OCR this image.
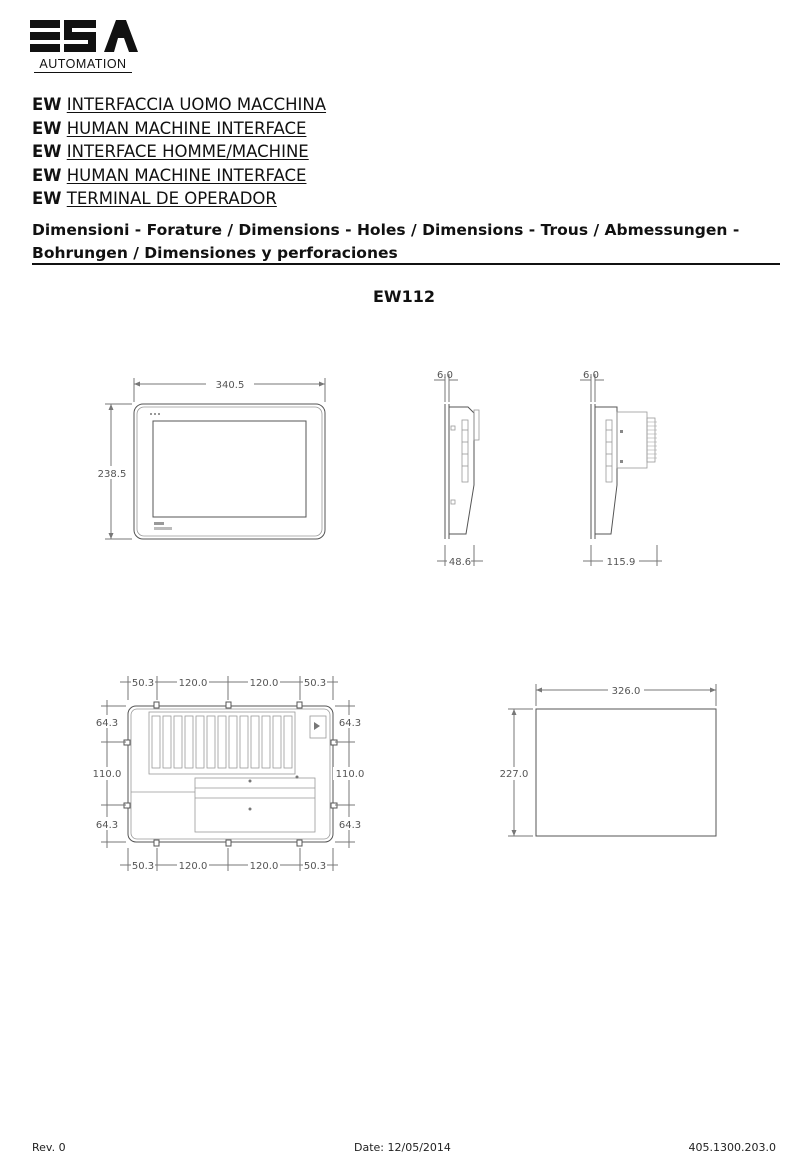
AUTOMATION
EW INTERFACCIA UOMO MACCHINA
EW HUMAN MACHINE INTERFACE
EW INTERFACE HOMME/MACHINE
EW HUMAN MACHINE INTERFACE
EW TERMINAL DE OPERADOR
Dimensioni - Forature / Dimensions - Holes / Dimensions - Trous / Abmessungen - Bohrungen / Dimensiones y perforaciones
EW112
340.5
238.5
6.0
48.6
6.0
115.9
50.3 120.0	120.0	50.3
50.3 120.0	120.0	50.3
64.3
110.0
64.3
64.3
110.0
64.3
326.0
227.0
Rev. 0	Date: 12/05/2014	405.1300.203.0
